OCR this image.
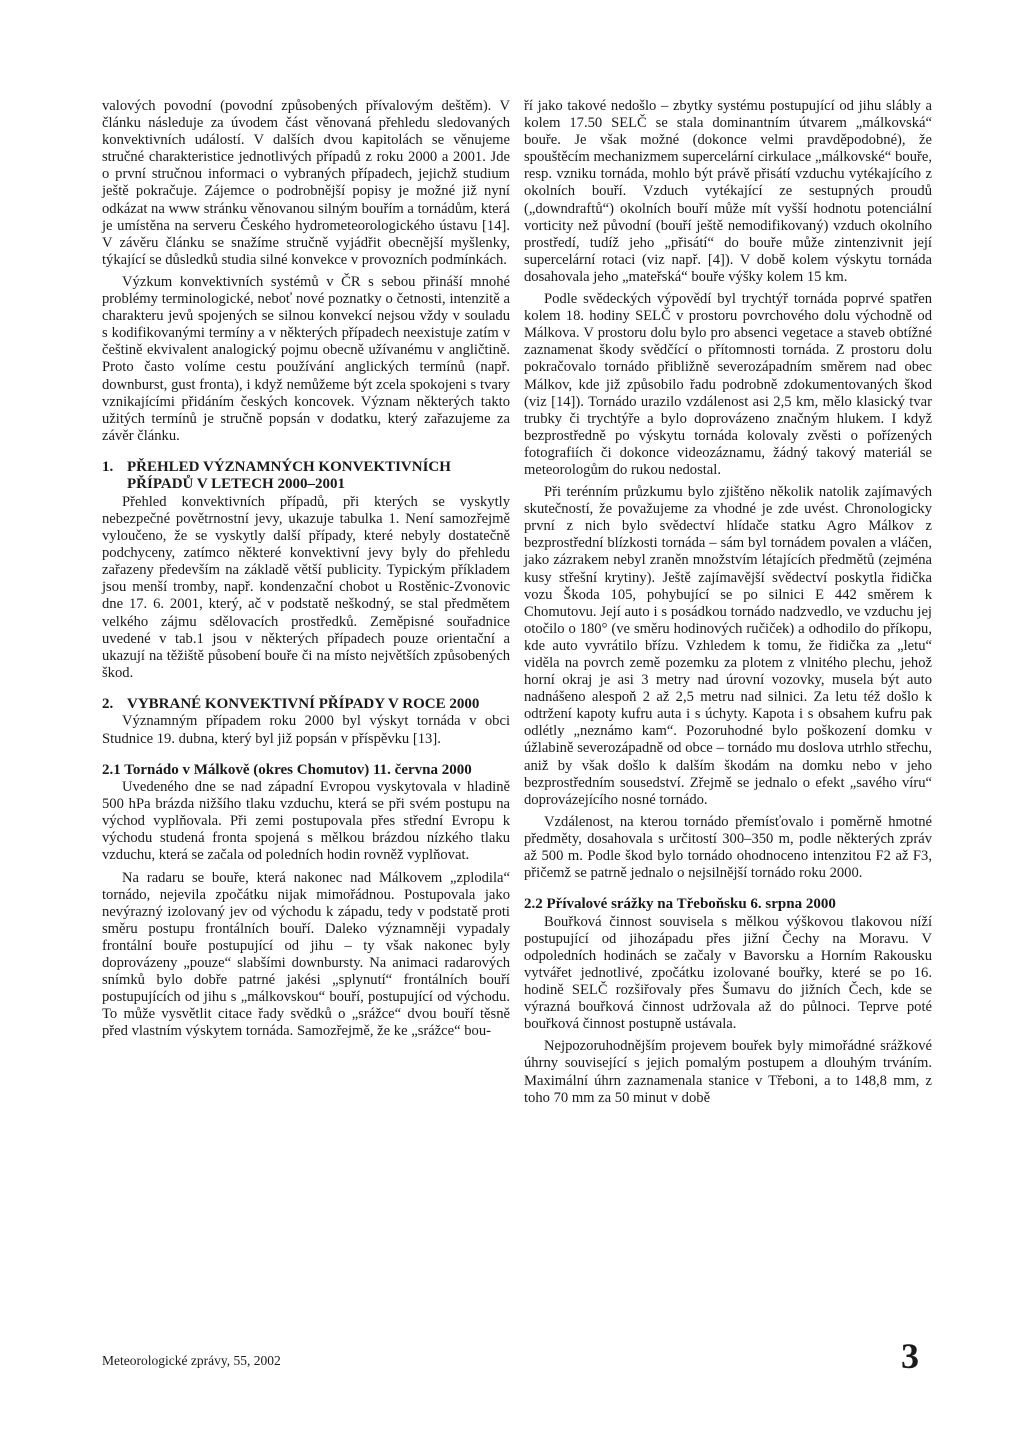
valových povodní (povodní způsobených přívalovým deštěm). V článku následuje za úvodem část věnovaná přehledu sledovaných konvektivních událostí. V dalších dvou kapitolách se věnujeme stručné charakteristice jednotlivých případů z roku 2000 a 2001. Jde o první stručnou informaci o vybraných případech, jejichž studium ještě pokračuje. Zájemce o podrobnější popisy je možné již nyní odkázat na www stránku věnovanou silným bouřím a tornádům, která je umístěna na serveru Českého hydrometeorologického ústavu [14]. V závěru článku se snažíme stručně vyjádřit obecnější myšlenky, týkající se důsledků studia silné konvekce v provozních podmínkách.

Výzkum konvektivních systémů v ČR s sebou přináší mnohé problémy terminologické, neboť nové poznatky o četnosti, intenzitě a charakteru jevů spojených se silnou konvekcí nejsou vždy v souladu s kodifikovanými termíny a v některých případech neexistuje zatím v češtině ekvivalent analogický pojmu obecně užívanému v angličtině. Proto často volíme cestu používání anglických termínů (např. downburst, gust fronta), i když nemůžeme být zcela spokojeni s tvary vznikajícími přidáním českých koncovek. Význam některých takto užitých termínů je stručně popsán v dodatku, který zařazujeme za závěr článku.

1. PŘEHLED VÝZNAMNÝCH KONVEKTIVNÍCH PŘÍPADŮ V LETECH 2000–2001

Přehled konvektivních případů, při kterých se vyskytly nebezpečné povětrnostní jevy, ukazuje tabulka 1. Není samozřejmě vyloučeno, že se vyskytly další případy, které nebyly dostatečně podchyceny, zatímco některé konvektivní jevy byly do přehledu zařazeny především na základě větší publicity. Typickým příkladem jsou menší tromby, např. kondenzační chobot u Rostěnic-Zvonovic dne 17. 6. 2001, který, ač v podstatě neškodný, se stal předmětem velkého zájmu sdělovacích prostředků. Zeměpisné souřadnice uvedené v tab.1 jsou v některých případech pouze orientační a ukazují na těžiště působení bouře či na místo největších způsobených škod.

2. VYBRANÉ KONVEKTIVNÍ PŘÍPADY V ROCE 2000

Významným případem roku 2000 byl výskyt tornáda v obci Studnice 19. dubna, který byl již popsán v příspěvku [13].

2.1 Tornádo v Málkově (okres Chomutov) 11. června 2000

Uvedeného dne se nad západní Evropou vyskytovala v hladině 500 hPa brázda nižšího tlaku vzduchu, která se při svém postupu na východ vyplňovala. Při zemi postupovala přes střední Evropu k východu studená fronta spojená s mělkou brázdou nízkého tlaku vzduchu, která se začala od poledních hodin rovněž vyplňovat.

Na radaru se bouře, která nakonec nad Málkovem „zplodila“ tornádo, nejevila zpočátku nijak mimořádnou. Postupovala jako nevýrazný izolovaný jev od východu k západu, tedy v podstatě proti směru postupu frontálních bouří. Daleko významněji vypadaly frontální bouře postupující od jihu – ty však nakonec byly doprovázeny „pouze“ slabšími downbursty. Na animaci radarových snímků bylo dobře patrné jakési „splynutí“ frontálních bouří postupujících od jihu s „málkovskou“ bouří, postupující od východu. To může vysvětlit citace řady svědků o „srážce“ dvou bouří těsně před vlastním výskytem tornáda. Samozřejmě, že ke „srážce“ bou-

ří jako takové nedošlo – zbytky systému postupující od jihu slábly a kolem 17.50 SELČ se stala dominantním útvarem „málkovská“ bouře. Je však možné (dokonce velmi pravděpodobné), že spouštěcím mechanizmem supercelární cirkulace „málkovské“ bouře, resp. vzniku tornáda, mohlo být právě přisátí vzduchu vytékajícího z okolních bouří. Vzduch vytékající ze sestupných proudů („downdraftů“) okolních bouří může mít vyšší hodnotu potenciální vorticity než původní (bouří ještě nemodifikovaný) vzduch okolního prostředí, tudíž jeho „přisátí“ do bouře může zintenzivnit její supercelární rotaci (viz např. [4]). V době kolem výskytu tornáda dosahovala jeho „mateřská“ bouře výšky kolem 15 km.

Podle svědeckých výpovědí byl trychtýř tornáda poprvé spatřen kolem 18. hodiny SELČ v prostoru povrchového dolu východně od Málkova. V prostoru dolu bylo pro absenci vegetace a staveb obtížné zaznamenat škody svědčící o přítomnosti tornáda. Z prostoru dolu pokračovalo tornádo přibližně severozápadním směrem nad obec Málkov, kde již způsobilo řadu podrobně zdokumentovaných škod (viz [14]). Tornádo urazilo vzdálenost asi 2,5 km, mělo klasický tvar trubky či trychtýře a bylo doprovázeno značným hlukem. I když bezprostředně po výskytu tornáda kolovaly zvěsti o pořízených fotografiích či dokonce videozáznamu, žádný takový materiál se meteorologům do rukou nedostal.

Při terénním průzkumu bylo zjištěno několik natolik zajímavých skutečností, že považujeme za vhodné je zde uvést. Chronologicky první z nich bylo svědectví hlídače statku Agro Málkov z bezprostřední blízkosti tornáda – sám byl tornádem povalen a vláčen, jako zázrakem nebyl zraněn množstvím létajících předmětů (zejména kusy střešní krytiny). Ještě zajímavější svědectví poskytla řidička vozu Škoda 105, pohybující se po silnici E 442 směrem k Chomutovu. Její auto i s posádkou tornádo nadzvedlo, ve vzduchu jej otočilo o 180° (ve směru hodinových ručiček) a odhodilo do příkopu, kde auto vyvrátilo břízu. Vzhledem k tomu, že řidička za „letu“ viděla na povrch země pozemku za plotem z vlnitého plechu, jehož horní okraj je asi 3 metry nad úrovní vozovky, musela být auto nadnášeno alespoň 2 až 2,5 metru nad silnici. Za letu též došlo k odtržení kapoty kufru auta i s úchyty. Kapota i s obsahem kufru pak odlétly „neznámo kam“. Pozoruhodné bylo poškození domku v úžlabině severozápadně od obce – tornádo mu doslova utrhlo střechu, aniž by však došlo k dalším škodám na domku nebo v jeho bezprostředním sousedství. Zřejmě se jednalo o efekt „savého víru“ doprovázejícího nosné tornádo.

Vzdálenost, na kterou tornádo přemísťovalo i poměrně hmotné předměty, dosahovala s určitostí 300–350 m, podle některých zpráv až 500 m. Podle škod bylo tornádo ohodnoceno intenzitou F2 až F3, přičemž se patrně jednalo o nejsilnější tornádo roku 2000.

2.2 Přívalové srážky na Třeboňsku 6. srpna 2000

Bouřková činnost souvisela s mělkou výškovou tlakovou níží postupující od jihozápadu přes jižní Čechy na Moravu. V odpoledních hodinách se začaly v Bavorsku a Horním Rakousku vytvářet jednotlivé, zpočátku izolované bouřky, které se po 16. hodině SELČ rozšiřovaly přes Šumavu do jižních Čech, kde se výrazná bouřková činnost udržovala až do půlnoci. Teprve poté bouřková činnost postupně ustávala.

Nejpozoruhodnějším projevem bouřek byly mimořádné srážkové úhrny související s jejich pomalým postupem a dlouhým trváním. Maximální úhrn zaznamenala stanice v Třeboni, a to 148,8 mm, z toho 70 mm za 50 minut v době

Meteorologické zprávy, 55, 2002	3
